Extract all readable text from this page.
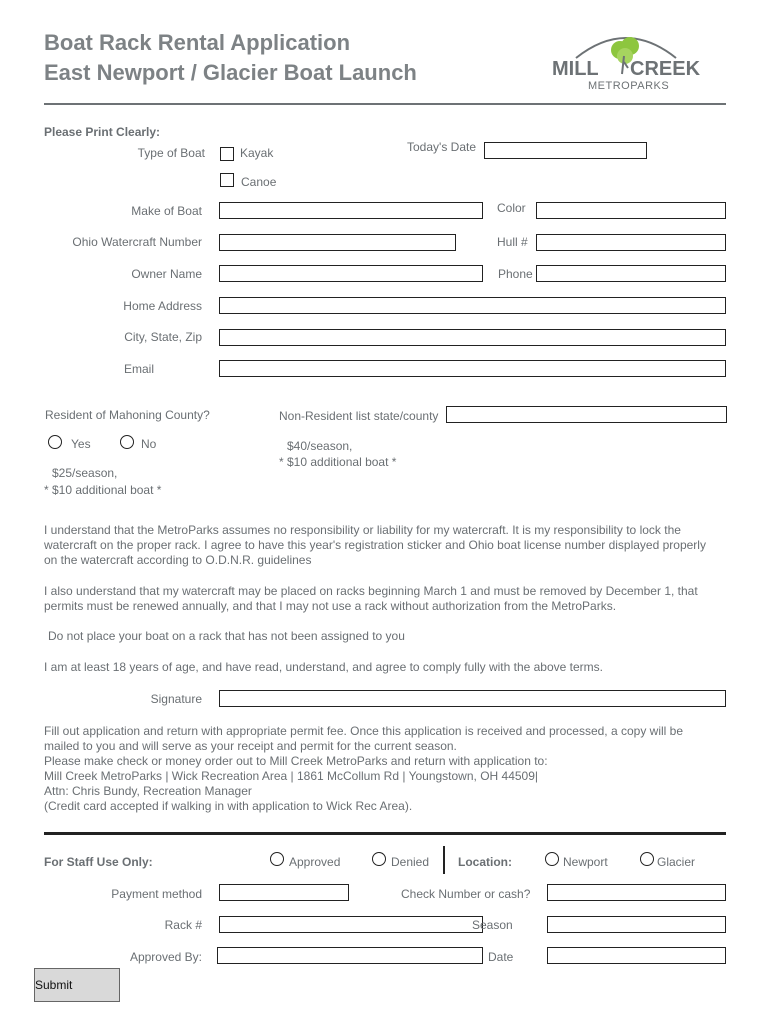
Boat Rack Rental Application
East Newport / Glacier Boat Launch	MILL CREEK
METROPARKS
Please Print Clearly:
Type of Boat	Kayak
Canoe
Today's Date
Make of Boat	Color
Ohio Watercraft Number	Hull #
Owner Name	Phone
Home Address
City, State, Zip
Email
Resident of Mahoning County?
Yes	No
$25/season,
* $10 additional boat *
Non-Resident list state/county
$40/season,
* $10 additional boat *
I understand that the MetroParks assumes no responsibility or liability for my watercraft. It is my responsibility to lock the
watercraft on the proper rack. I agree to have this year's registration sticker and Ohio boat license number displayed properly
on the watercraft according to O.D.N.R. guidelines
I also understand that my watercraft may be placed on racks beginning March 1 and must be removed by December 1, that
permits must be renewed annually, and that I may not use a rack without authorization from the MetroParks.
Do not place your boat on a rack that has not been assigned to you
I am at least 18 years of age, and have read, understand, and agree to comply fully with the above terms.
Signature
Fill out application and return with appropriate permit fee. Once this application is received and processed, a copy will be
mailed to you and will serve as your receipt and permit for the current season.
Please make check or money order out to Mill Creek MetroParks and return with application to:
Mill Creek MetroParks | Wick Recreation Area | 1861 McCollum Rd | Youngstown, OH 44509|
Attn: Chris Bundy, Recreation Manager
(Credit card accepted if walking in with application to Wick Rec Area).
For Staff Use Only:	Approved	Denied Location:	Newport	Glacier
Payment method	Check Number or cash?
Rack #	Season
Approved By:	Date
Submit
